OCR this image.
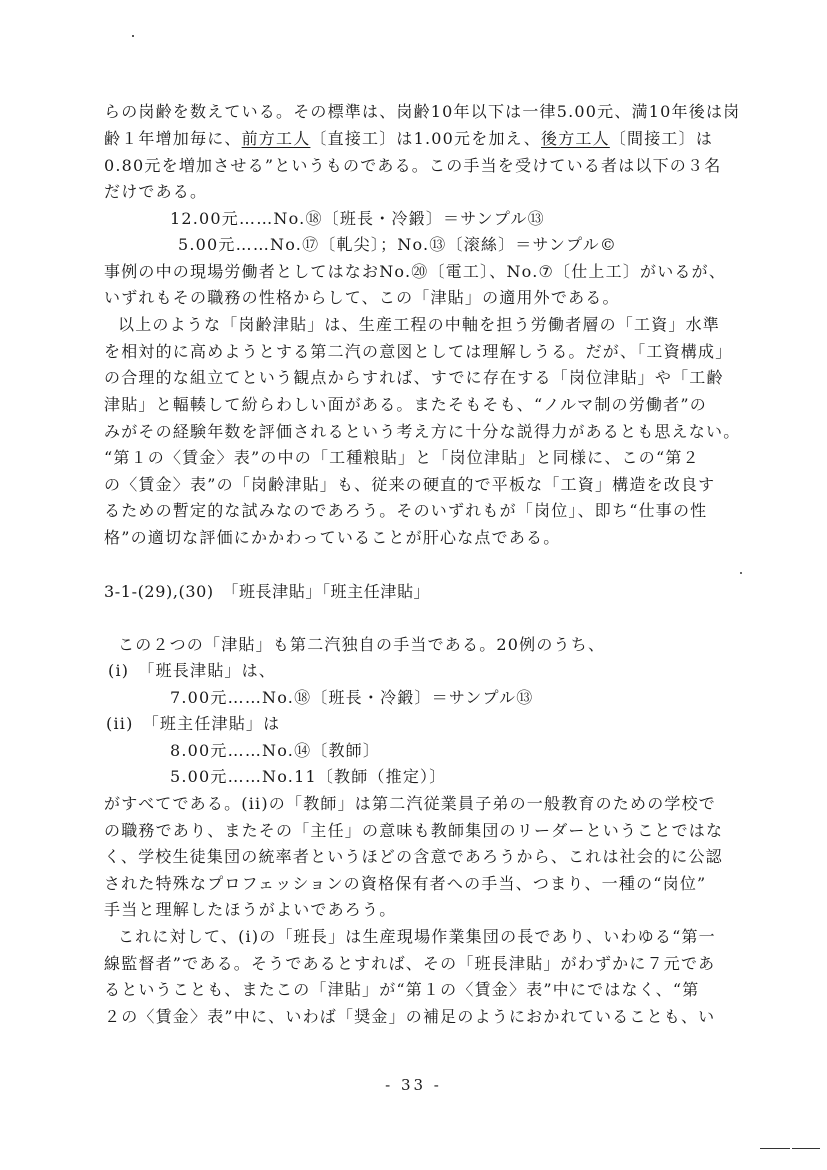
らの岗齢を数えている。その標準は、岗齢10年以下は一律5.00元、満10年後は岗
齢１年增加毎に、前方工人〔直接工〕は1.00元を加え、後方工人〔間接工〕は
0.80元を増加させる”というものである。この手当を受けている者は以下の３名
だけである。
12.00元……No.⑱〔班長・冷鍛〕＝サンプル⑬
5.00元……No.⑰〔軋尖〕；No.⑬〔滚絲〕＝サンプル©
事例の中の現場労働者としてはなおNo.⑳〔電工〕、No.⑦〔仕上工〕がいるが、
いずれもその職務の性格からして、この「津貼」の適用外である。
以上のような「岗齢津貼」は、生産工程の中軸を担う労働者層の「工資」水準
を相対的に高めようとする第二汽の意図としては理解しうる。だが、「工資構成」
の合理的な組立てという観点からすれば、すでに存在する「岗位津貼」や「工齢
津貼」と輻輳して紛らわしい面がある。またそもそも、“ノルマ制の労働者”の
みがその経験年数を評価されるという考え方に十分な説得力があるとも思えない。
“第１の〈賃金〉表”の中の「工種粮貼」と「岗位津貼」と同様に、この“第２
の〈賃金〉表”の「岗齢津貼」も、従来の硬直的で平板な「工資」構造を改良す
るための暫定的な試みなのであろう。そのいずれもが「岗位」、即ち“仕事の性
格”の適切な評価にかかわっていることが肝心な点である。
3-1-(29),(30)　「班長津貼」「班主任津貼」
この２つの「津貼」も第二汽独自の手当である。20例のうち、
(i)　「班長津貼」は、
7.00元……No.⑱〔班長・冷鍛〕＝サンプル⑬
(ii)　「班主任津貼」は
8.00元……No.⑭〔教師〕
5.00元……No.11〔教師（推定）〕
がすべてである。(ii)の「教師」は第二汽従業員子弟の一般教育のための学校で
の職務であり、またその「主任」の意味も教師集団のリーダーということではな
く、学校生徒集団の統率者というほどの含意であろうから、これは社会的に公認
された特殊なプロフェッションの資格保有者への手当、つまり、一種の“岗位”
手当と理解したほうがよいであろう。
これに対して、(i)の「班長」は生産現場作業集団の長であり、いわゆる“第一
線監督者”である。そうであるとすれば、その「班長津貼」がわずかに７元であ
るということも、またこの「津貼」が“第１の〈賃金〉表”中にではなく、“第
２の〈賃金〉表”中に、いわば「奨金」の補足のようにおかれていることも、い
- 33 -
